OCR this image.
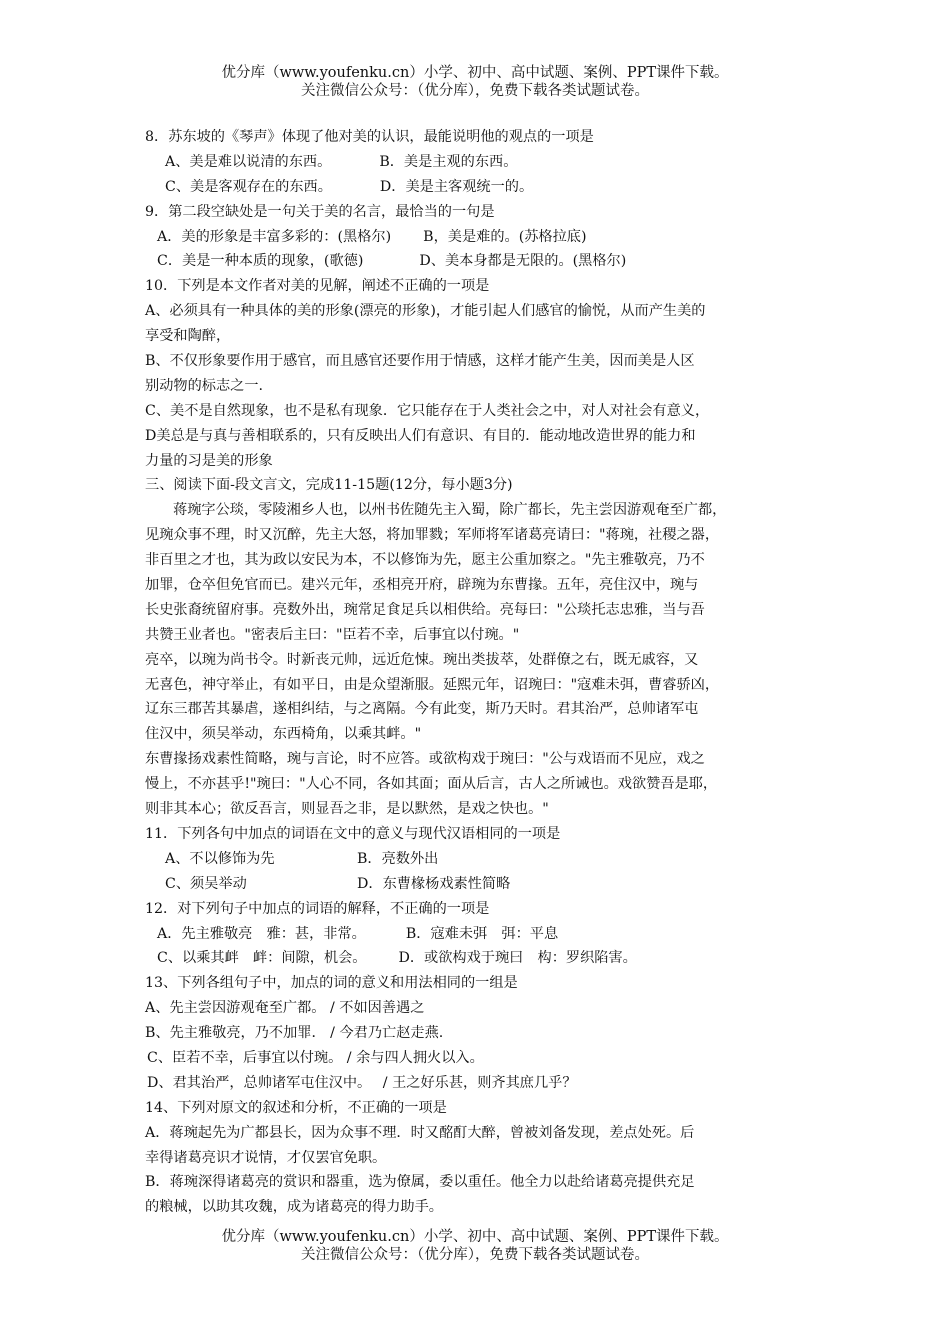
优分库（www.youfenku.cn）小学、初中、高中试题、案例、PPT课件下载。
关注微信公众号：（优分库），免费下载各类试题试卷。
8．苏东坡的《琴声》体现了他对美的认识，最能说明他的观点的一项是
A、美是难以说清的东西。	B．美是主观的东西。
C、美是客观存在的东西。	D．美是主客观统一的。
9．第二段空缺处是一句关于美的名言，最恰当的一句是
A．美的形象是丰富多彩的：(黑格尔) B，美是难的。(苏格拉底)
C．美是一种本质的现象，(歌德)	D、美本身都是无限的。(黑格尔)
10．下列是本文作者对美的见解，阐述不正确的一项是
A、必须具有一种具体的美的形象(漂亮的形象)，才能引起人们感官的愉悦，从而产生美的
享受和陶醉，
B、不仅形象要作用于感官，而且感官还要作用于情感，这样才能产生美，因而美是人区
别动物的标志之一.
C、美不是自然现象，也不是私有现象．它只能存在于人类社会之中，对人对社会有意义，
D美总是与真与善相联系的，只有反映出人们有意识、有目的．能动地改造世界的能力和
力量的习是美的形象
三、阅读下面-段文言文，完成11-15题(12分，每小题3分)
蒋琬字公琰，零陵湘乡人也，以州书佐随先主入蜀，除广都长，先主尝因游观奄至广都，
见琬众事不理，时又沉醉，先主大怒，将加罪戮；军师将军诸葛亮请曰："蒋琬，社稷之器，
非百里之才也，其为政以安民为本，不以修饰为先，愿主公重加察之。"先主雅敬亮，乃不
加罪，仓卒但免官而已。建兴元年，丞相亮开府，辟琬为东曹掾。五年，亮住汉中，琬与
长史张裔统留府事。亮数外出，琬常足食足兵以相供给。亮每曰："公琰托志忠雅，当与吾
共赞王业者也。"密表后主曰："臣若不幸，后事宜以付琬。"
亮卒，以琬为尚书令。时新丧元帅，远近危悚。琬出类拔萃，处群僚之右，既无戚容，又
无喜色，神守举止，有如平日，由是众望渐服。延熙元年，诏琬曰："寇难未弭，曹睿骄凶，
辽东三郡苦其暴虐，遂相纠结，与之离隔。今有此变，斯乃天时。君其治严，总帅诸军屯
住汉中，须吴举动，东西椅角，以乘其衅。"
东曹掾扬戏素性简略，琬与言论，时不应答。或欲构戏于琬曰："公与戏语而不见应，戏之
慢上，不亦甚乎!"琬曰："人心不同，各如其面；面从后言，古人之所诫也。戏欲赞吾是耶，
则非其本心；欲反吾言，则显吾之非，是以默然，是戏之快也。"
11．下列各句中加点的词语在文中的意义与现代汉语相同的一项是
A、不以修饰为先	B．亮数外出
C、须吴举动	D．东曹椽杨戏素性简略
12．对下列句子中加点的词语的解释，不正确的一项是
A．先主雅敬亮　雅：甚，非常。	B．寇难未弭　弭：平息
C、以乘其衅　衅：间隙，机会。 D．或欲构戏于琬曰　构：罗织陷害。
13、下列各组句子中，加点的词的意义和用法相同的一组是
A、先主尝因游观奄至广都。 / 不如因善遇之
B、先主雅敬亮，乃不加罪． / 今君乃亡赵走燕.
C、臣若不幸，后事宜以付琬。 / 余与四人拥火以入。
D、君其治严，总帅诸军屯住汉中。　 / 王之好乐甚，则齐其庶几乎？
14、下列对原文的叙述和分析，不正确的一项是
A．蒋琬起先为广都县长，因为众事不理．时又酩酊大醉，曾被刘备发现，差点处死。后
幸得诸葛亮识才说情，才仅罢官免职。
B．蒋琬深得诸葛亮的赏识和器重，选为僚属，委以重任。他全力以赴给诸葛亮提供充足
的粮械，以助其攻魏，成为诸葛亮的得力助手。
优分库（www.youfenku.cn）小学、初中、高中试题、案例、PPT课件下载。
关注微信公众号：（优分库），免费下载各类试题试卷。
